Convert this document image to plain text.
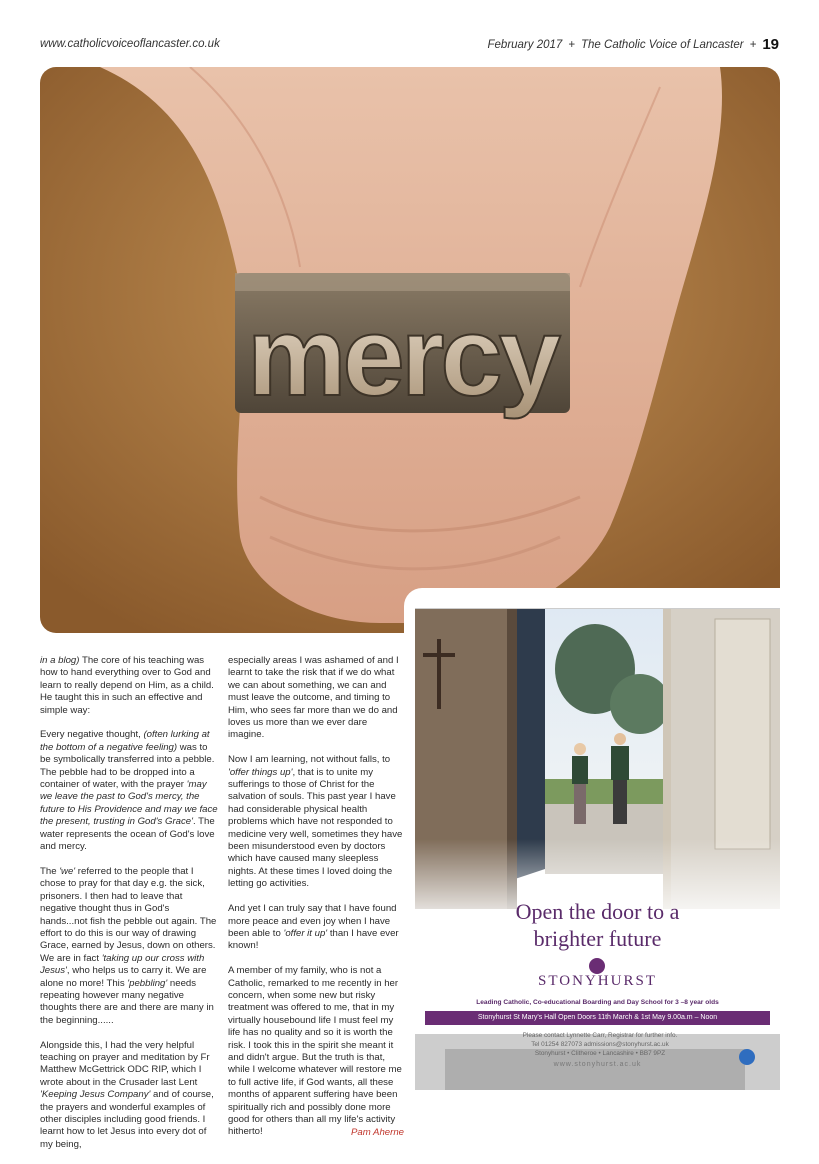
www.catholicvoiceoflancaster.co.uk	February 2017 + The Catholic Voice of Lancaster + 19
mercy

in a blog) The core of his teaching was how to hand everything over to God and learn to really depend on Him, as a child. He taught this in such an effective and simple way:

Every negative thought, (often lurking at the bottom of a negative feeling) was to be symbolically transferred into a pebble. The pebble had to be dropped into a container of water, with the prayer 'may we leave the past to God's mercy, the future to His Providence and may we face the present, trusting in God's Grace'. The water represents the ocean of God's love and mercy.

The 'we' referred to the people that I chose to pray for that day e.g. the sick, prisoners. I then had to leave that negative thought thus in God's hands...not fish the pebble out again. The effort to do this is our way of drawing Grace, earned by Jesus, down on others. We are in fact 'taking up our cross with Jesus', who helps us to carry it. We are alone no more! This 'pebbling' needs repeating however many negative thoughts there are and there are many in the beginning......

Alongside this, I had the very helpful teaching on prayer and meditation by Fr Matthew McGettrick ODC RIP, which I wrote about in the Crusader last Lent 'Keeping Jesus Company' and of course, the prayers and wonderful examples of other disciples including good friends. I learnt how to let Jesus into every dot of my being,

especially areas I was ashamed of and I learnt to take the risk that if we do what we can about something, we can and must leave the outcome, and timing to Him, who sees far more than we do and loves us more than we ever dare imagine.

Now I am learning, not without falls, to 'offer things up', that is to unite my sufferings to those of Christ for the salvation of souls. This past year I have had considerable physical health problems which have not responded to medicine very well, sometimes they have been misunderstood even by doctors which have caused many sleepless nights. At these times I loved doing the letting go activities.

And yet I can truly say that I have found more peace and even joy when I have been able to 'offer it up' than I have ever known!

A member of my family, who is not a Catholic, remarked to me recently in her concern, when some new but risky treatment was offered to me, that in my virtually housebound life I must feel my life has no quality and so it is worth the risk. I took this in the spirit she meant it and didn't argue. But the truth is that, while I welcome whatever will restore me to full active life, if God wants, all these months of apparent suffering have been spiritually rich and possibly done more good for others than all my life's activity hitherto!	Pam Aherne
Open the door to a
brighter future
STONYHURST
Leading Catholic, Co-educational Boarding and Day School for 3 –8 year olds
Stonyhurst St Mary's Hall Open Doors 11th March & 1st May 9.00a.m – Noon
Please contact Lynnette Carr, Registrar for further info.
Tel 01254 827073 admissions@stonyhurst.ac.uk
Stonyhurst • Clitheroe • Lancashire • BB7 9PZ
www.stonyhurst.ac.uk
